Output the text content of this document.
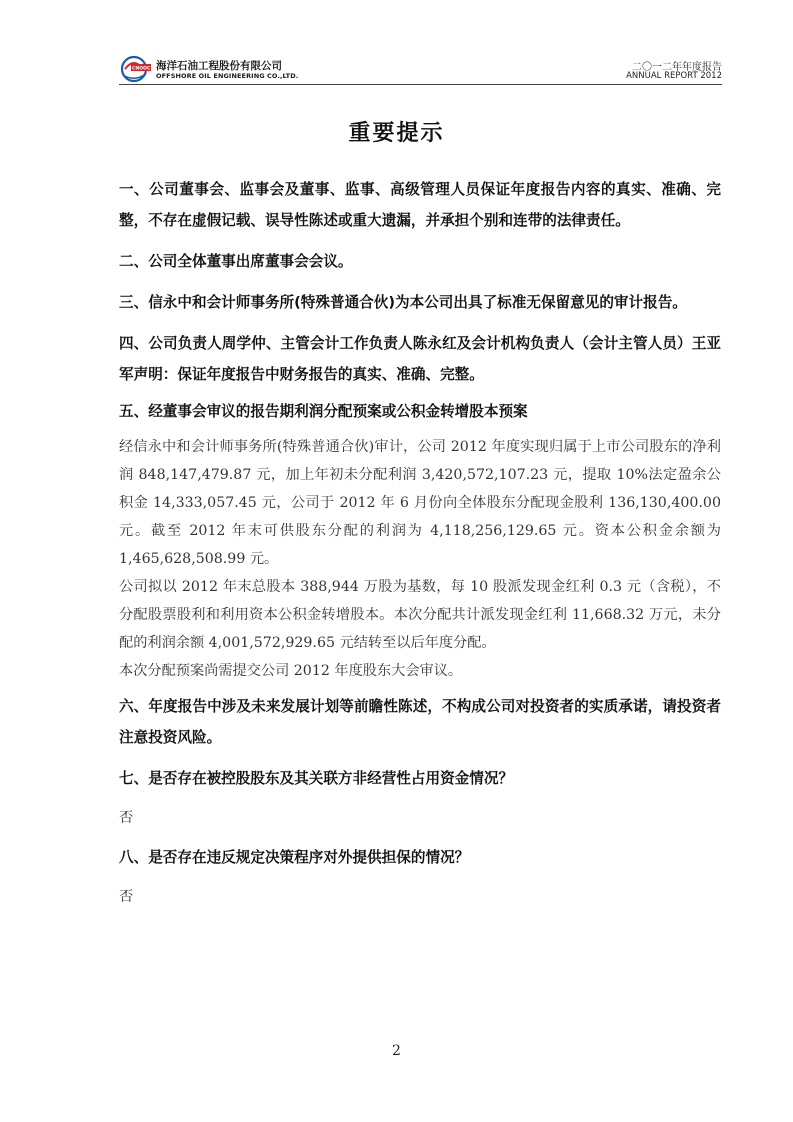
CNOOC 海洋石油工程股份有限公司
OFFSHORE OIL ENGINEERING CO.,LTD.
二〇一二年年度报告
ANNUAL REPORT 2012
重要提示

一、公司董事会、监事会及董事、监事、高级管理人员保证年度报告内容的真实、准确、完整，不存在虚假记载、误导性陈述或重大遗漏，并承担个别和连带的法律责任。

二、公司全体董事出席董事会会议。

三、信永中和会计师事务所(特殊普通合伙)为本公司出具了标准无保留意见的审计报告。

四、公司负责人周学仲、主管会计工作负责人陈永红及会计机构负责人（会计主管人员）王亚军声明：保证年度报告中财务报告的真实、准确、完整。

五、经董事会审议的报告期利润分配预案或公积金转增股本预案

经信永中和会计师事务所(特殊普通合伙)审计，公司 2012 年度实现归属于上市公司股东的净利润 848,147,479.87 元，加上年初未分配利润 3,420,572,107.23 元，提取 10%法定盈余公积金 14,333,057.45 元，公司于 2012 年 6 月份向全体股东分配现金股利 136,130,400.00 元。截至 2012 年末可供股东分配的利润为 4,118,256,129.65 元。资本公积金余额为 1,465,628,508.99 元。

公司拟以 2012 年末总股本 388,944 万股为基数，每 10 股派发现金红利 0.3 元（含税），不分配股票股利和利用资本公积金转增股本。本次分配共计派发现金红利 11,668.32 万元，未分配的利润余额 4,001,572,929.65 元结转至以后年度分配。

本次分配预案尚需提交公司 2012 年度股东大会审议。

六、年度报告中涉及未来发展计划等前瞻性陈述，不构成公司对投资者的实质承诺，请投资者注意投资风险。

七、是否存在被控股股东及其关联方非经营性占用资金情况？

否

八、是否存在违反规定决策程序对外提供担保的情况？

否

2
